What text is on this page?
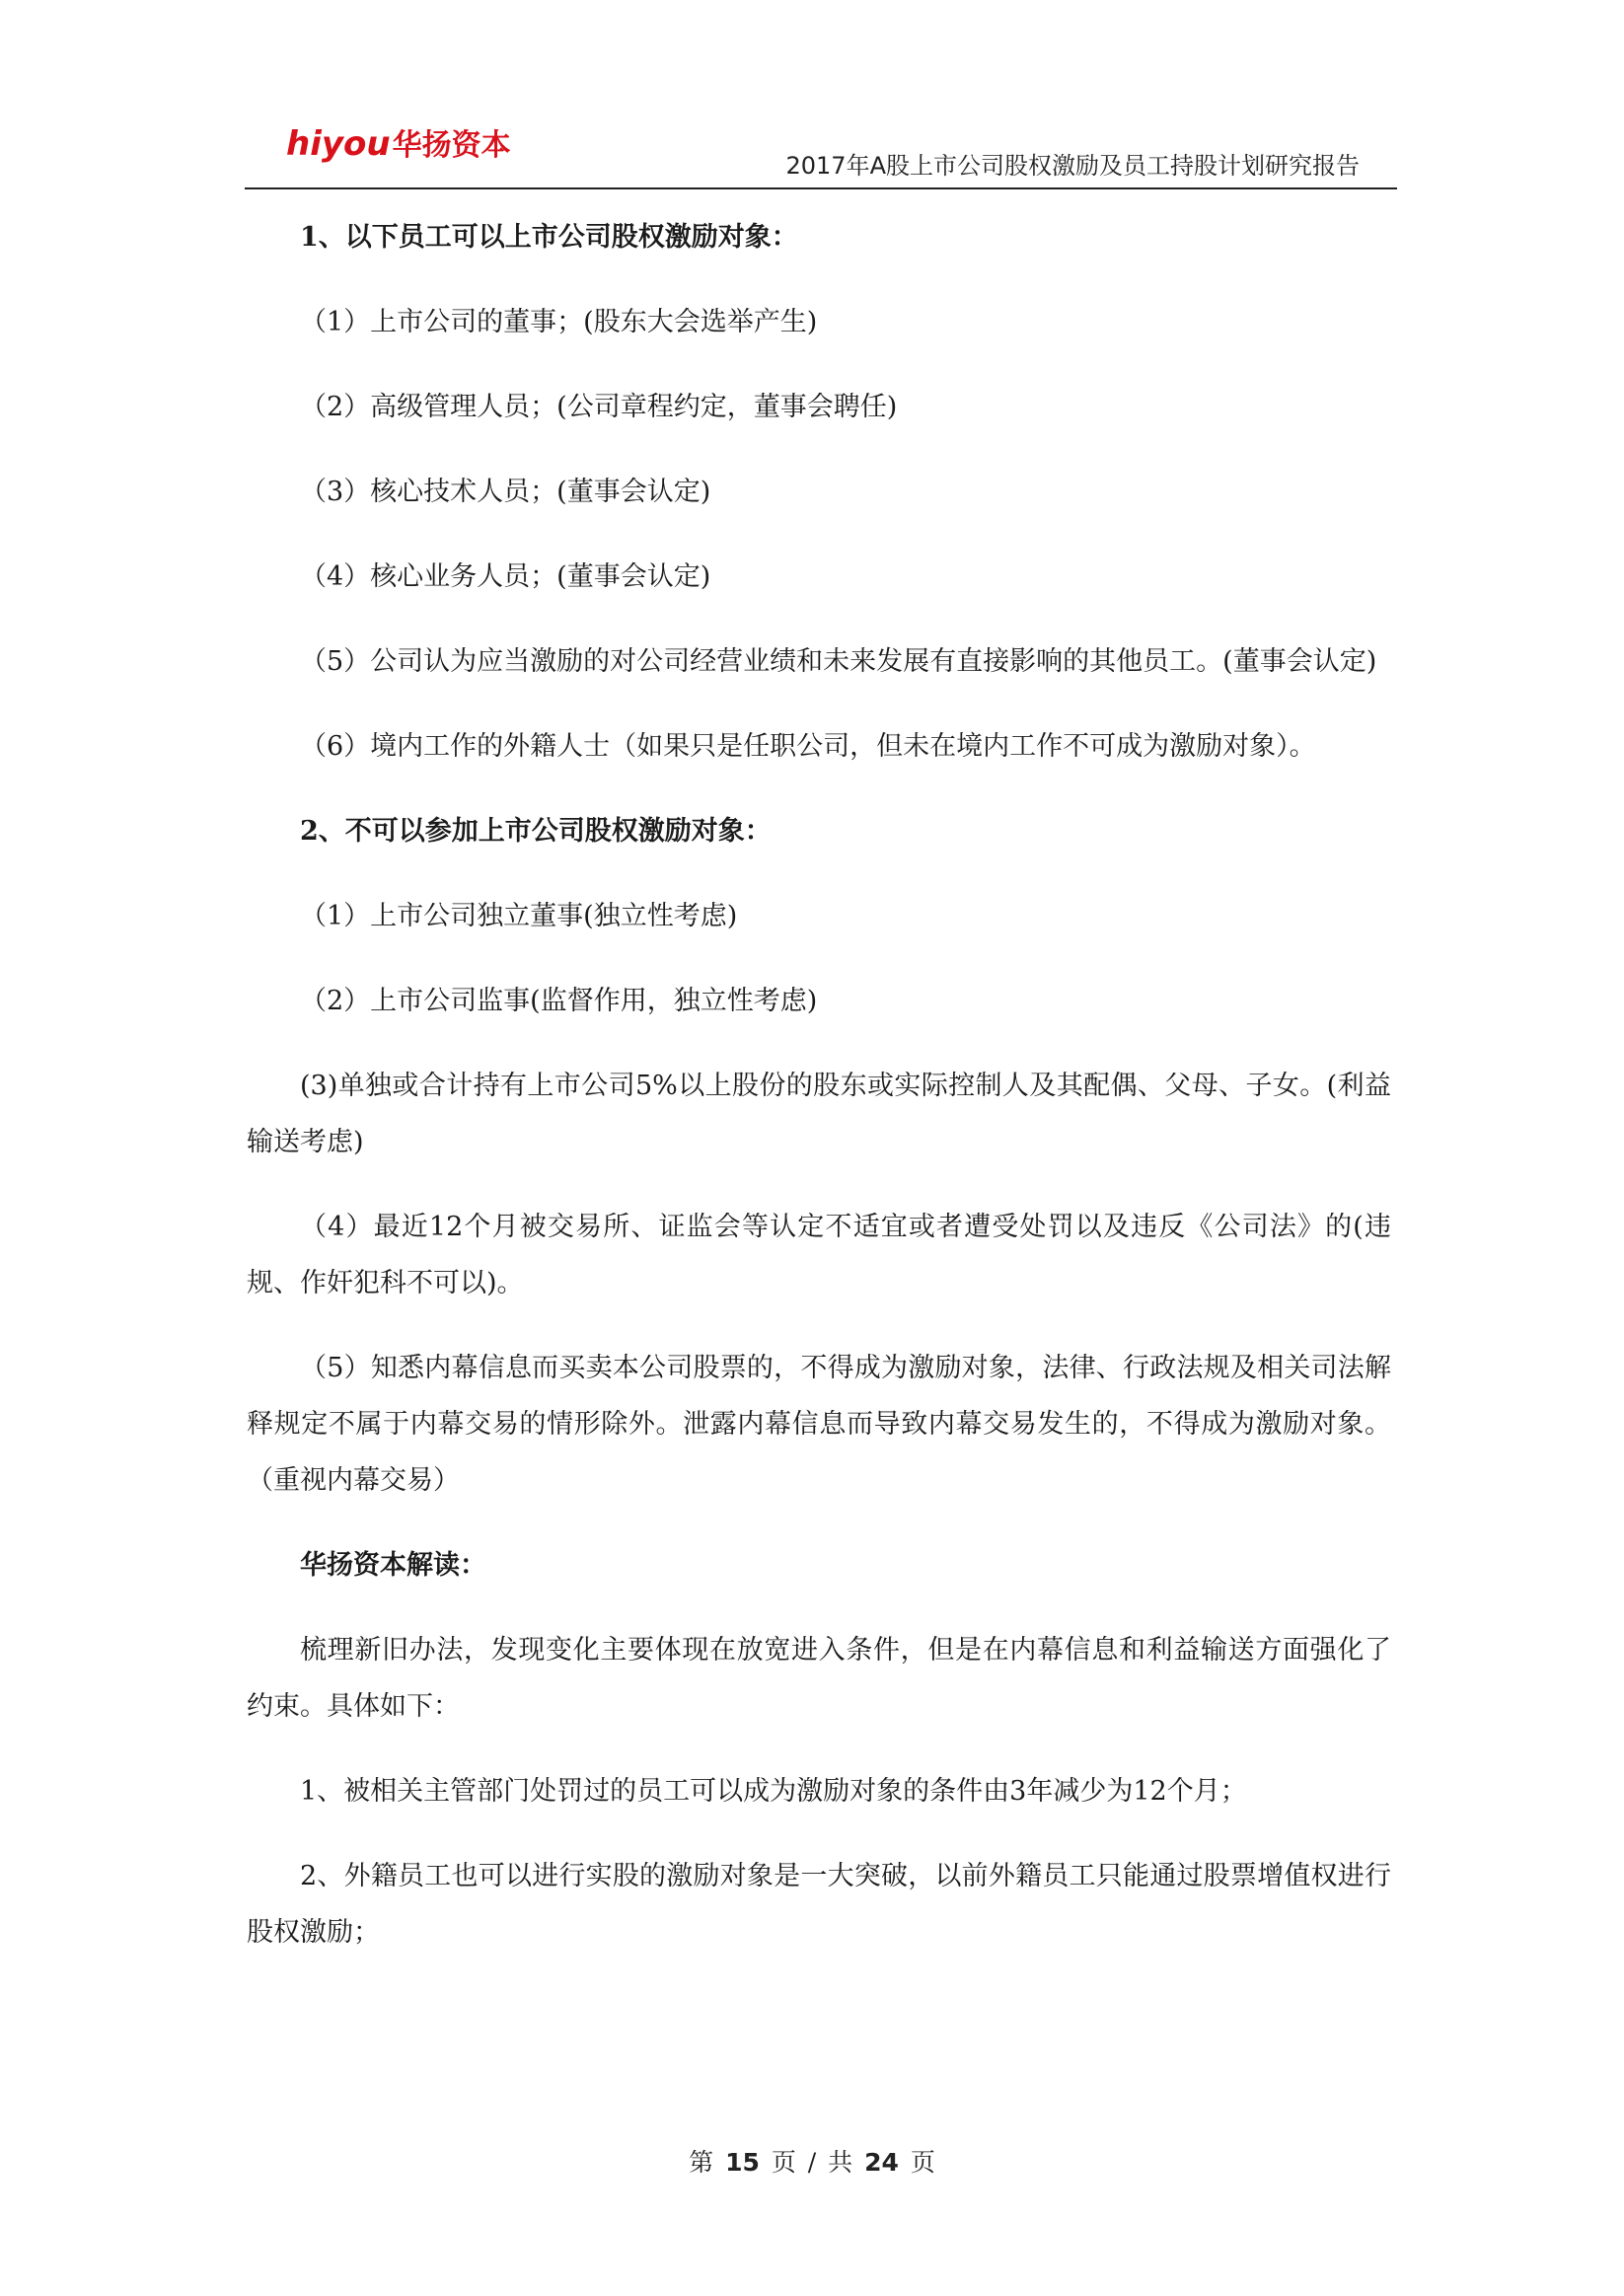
hiyou华扬资本
2017年A股上市公司股权激励及员工持股计划研究报告

1、以下员工可以上市公司股权激励对象：

（1）上市公司的董事；(股东大会选举产生)

（2）高级管理人员；(公司章程约定，董事会聘任)

（3）核心技术人员；(董事会认定)

（4）核心业务人员；(董事会认定)

（5）公司认为应当激励的对公司经营业绩和未来发展有直接影响的其他员工。(董事会认定)

（6）境内工作的外籍人士（如果只是任职公司，但未在境内工作不可成为激励对象）。

2、不可以参加上市公司股权激励对象：

（1）上市公司独立董事(独立性考虑)

（2）上市公司监事(监督作用，独立性考虑)

(3)单独或合计持有上市公司5%以上股份的股东或实际控制人及其配偶、父母、子女。(利益输送考虑)

（4）最近12个月被交易所、证监会等认定不适宜或者遭受处罚以及违反《公司法》的(违规、作奸犯科不可以)。

（5）知悉内幕信息而买卖本公司股票的，不得成为激励对象，法律、行政法规及相关司法解释规定不属于内幕交易的情形除外。泄露内幕信息而导致内幕交易发生的，不得成为激励对象。（重视内幕交易）

华扬资本解读：

梳理新旧办法，发现变化主要体现在放宽进入条件，但是在内幕信息和利益输送方面强化了约束。具体如下：

1、被相关主管部门处罚过的员工可以成为激励对象的条件由3年减少为12个月；

2、外籍员工也可以进行实股的激励对象是一大突破，以前外籍员工只能通过股票增值权进行股权激励；

第 15 页 / 共 24 页
